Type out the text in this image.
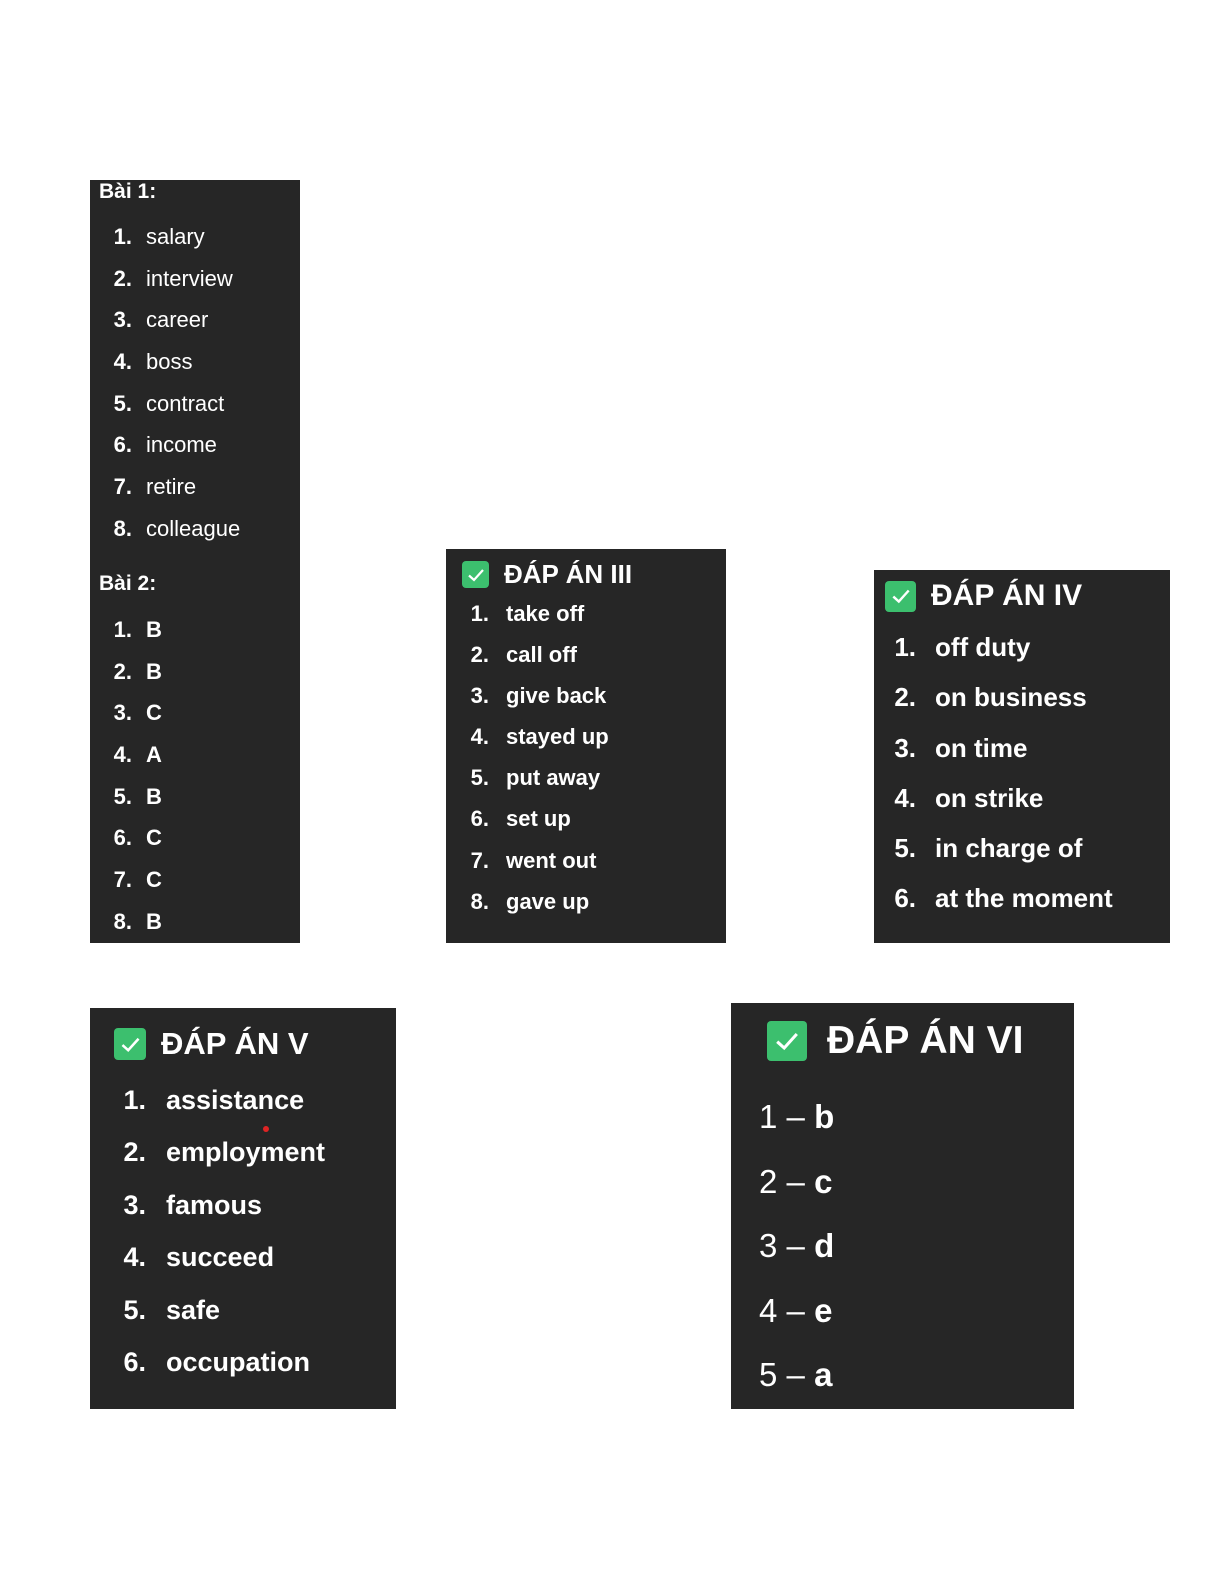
Bài 1:
1. salary
2. interview
3. career
4. boss
5. contract
6. income
7. retire
8. colleague
Bài 2:
1. B
2. B
3. C
4. A
5. B
6. C
7. C
8. B
ĐÁP ÁN III
1. take off
2. call off
3. give back
4. stayed up
5. put away
6. set up
7. went out
8. gave up
ĐÁP ÁN IV
1. off duty
2. on business
3. on time
4. on strike
5. in charge of
6. at the moment
ĐÁP ÁN V
1. assistance
2. employment
3. famous
4. succeed
5. safe
6. occupation
ĐÁP ÁN VI
1 – b
2 – c
3 – d
4 – e
5 – a
